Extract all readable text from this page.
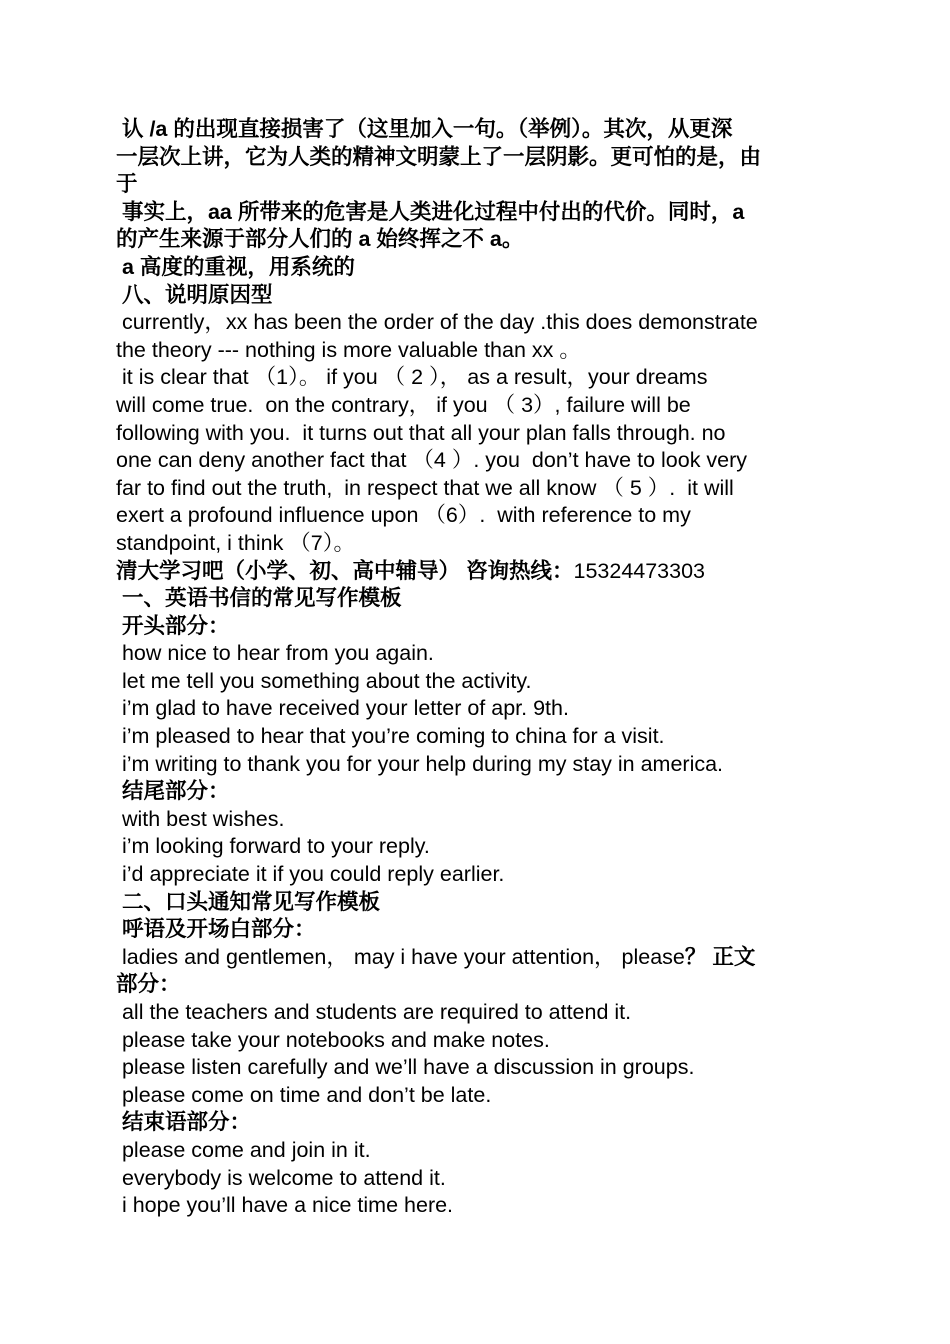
认 /a 的出现直接损害了（这里加入一句。（举例）。其次，从更深

一层次上讲，它为人类的精神文明蒙上了一层阴影。更可怕的是，由

于

事实上，aa 所带来的危害是人类进化过程中付出的代价。同时，a

的产生来源于部分人们的 a 始终挥之不 a。

a 高度的重视，用系统的

八、说明原因型

currently，xx has been the order of the day .this does demonstrate

the theory --- nothing is more valuable than xx 。

it is clear that （1）。 if you （ 2 ）， as a result，your dreams

will come true.  on the contrary， if you （ 3）, failure will be

following with you.  it turns out that all your plan falls through. no

one can deny another fact that （4 ）. you  don’t have to look very

far to find out the truth,  in respect that we all know （ 5 ）.  it will

exert a profound influence upon （6）.  with reference to my

standpoint, i think （7）。

清大学习吧（小学、初、高中辅导） 咨询热线：15324473303

一、英语书信的常见写作模板

开头部分：

how nice to hear from you again.

let me tell you something about the activity.

i’m glad to have received your letter of apr. 9th.

i’m pleased to hear that you’re coming to china for a visit.

i’m writing to thank you for your help during my stay in america.

结尾部分：

with best wishes.

i’m looking forward to your reply.

i’d appreciate it if you could reply earlier.

二、口头通知常见写作模板

呼语及开场白部分：

ladies and gentlemen， may i have your attention， please？ 正文

部分：

all the teachers and students are required to attend it.

please take your notebooks and make notes.

please listen carefully and we’ll have a discussion in groups.

please come on time and don’t be late.

结束语部分：

please come and join in it.

everybody is welcome to attend it.

i hope you’ll have a nice time here.
